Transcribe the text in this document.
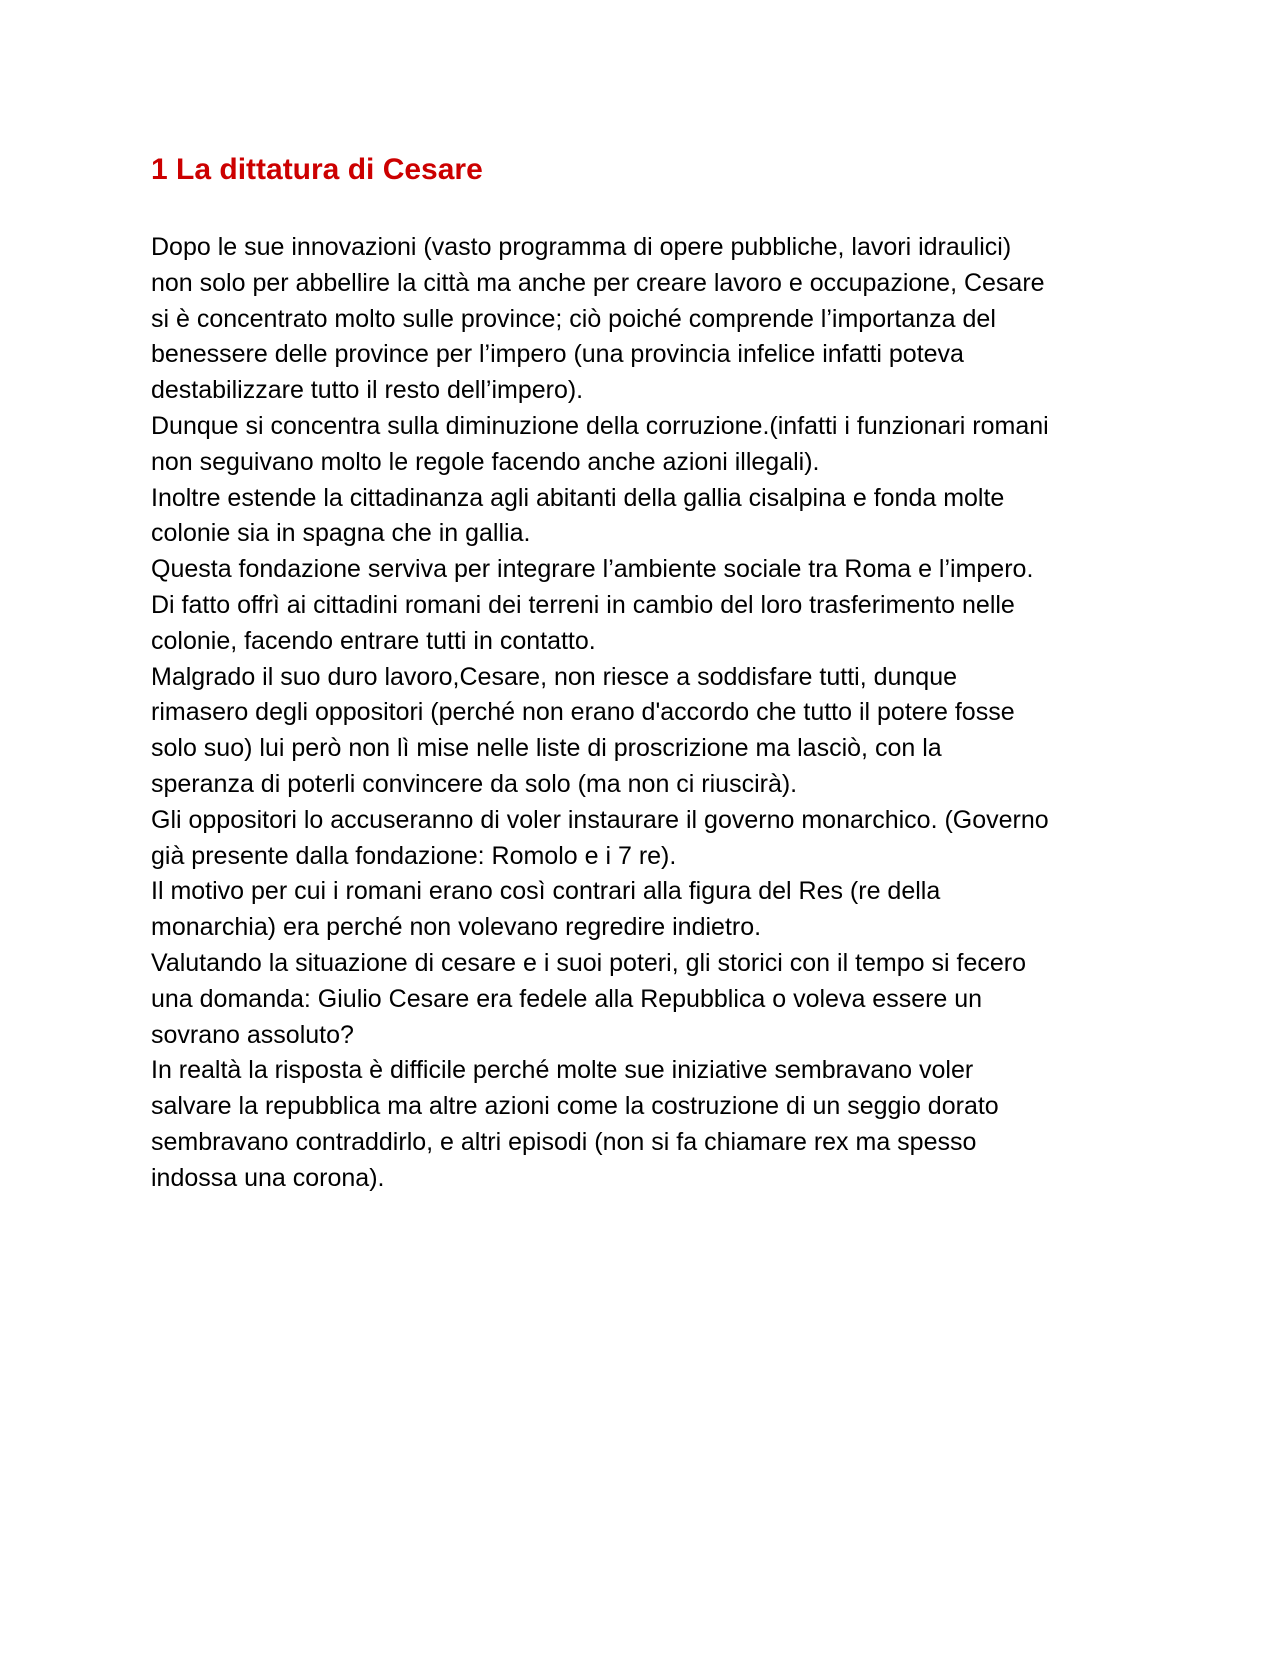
1 La dittatura di Cesare
Dopo le sue innovazioni (vasto programma di opere pubbliche, lavori idraulici)
non solo per abbellire la città ma anche per creare lavoro e occupazione, Cesare
si è concentrato molto sulle province; ciò poiché comprende l’importanza del
benessere delle province per l’impero (una provincia infelice infatti poteva
destabilizzare tutto il resto dell’impero).
Dunque si concentra sulla diminuzione della corruzione.(infatti i funzionari romani
non seguivano molto le regole facendo anche azioni illegali).
Inoltre estende la cittadinanza agli abitanti della gallia cisalpina e fonda molte
colonie sia in spagna che in gallia.
Questa fondazione serviva per integrare l’ambiente sociale tra Roma e l’impero.
Di fatto offrì ai cittadini romani dei terreni in cambio del loro trasferimento nelle
colonie, facendo entrare tutti in contatto.
Malgrado il suo duro lavoro,Cesare, non riesce a soddisfare tutti, dunque
rimasero degli oppositori (perché non erano d'accordo che tutto il potere fosse
solo suo) lui però non lì mise nelle liste di proscrizione ma lasciò, con la
speranza di poterli convincere da solo (ma non ci riuscirà).
Gli oppositori lo accuseranno di voler instaurare il governo monarchico. (Governo
già presente dalla fondazione: Romolo e i 7 re).
Il motivo per cui i romani erano così contrari alla figura del Res (re della
monarchia) era perché non volevano regredire indietro.
Valutando la situazione di cesare e i suoi poteri, gli storici con il tempo si fecero
una domanda: Giulio Cesare era fedele alla Repubblica o voleva essere un
sovrano assoluto?
In realtà la risposta è difficile perché molte sue iniziative sembravano voler
salvare la repubblica ma altre azioni come la costruzione di un seggio dorato
sembravano contraddirlo, e altri episodi (non si fa chiamare rex ma spesso
indossa una corona).
